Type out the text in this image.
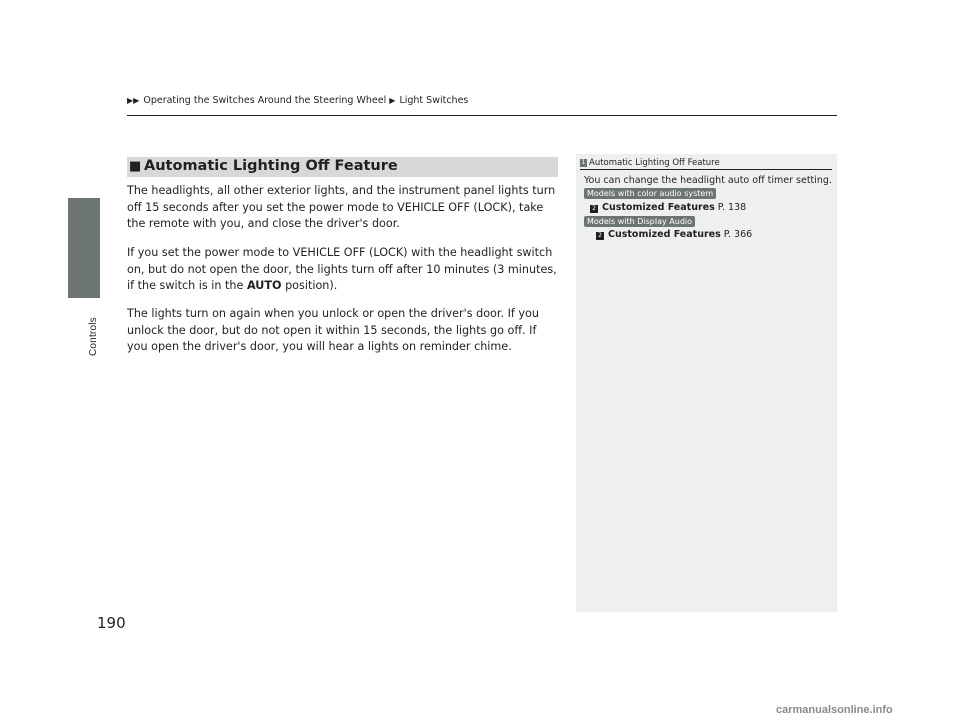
Controls
▶▶ Operating the Switches Around the Steering Wheel ▶ Light Switches
■ Automatic Lighting Off Feature

The headlights, all other exterior lights, and the instrument panel lights turn off 15 seconds after you set the power mode to VEHICLE OFF (LOCK), take the remote with you, and close the driver's door.

If you set the power mode to VEHICLE OFF (LOCK) with the headlight switch on, but do not open the door, the lights turn off after 10 minutes (3 minutes, if the switch is in the AUTO position).

The lights turn on again when you unlock or open the driver's door. If you unlock the door, but do not open it within 15 seconds, the lights go off. If you open the driver's door, you will hear a lights on reminder chime.

1 Automatic Lighting Off Feature
You can change the headlight auto off timer setting.
Models with color audio system
2 Customized Features P. 138
Models with Display Audio
2 Customized Features P. 366
190
carmanualsonline.info
